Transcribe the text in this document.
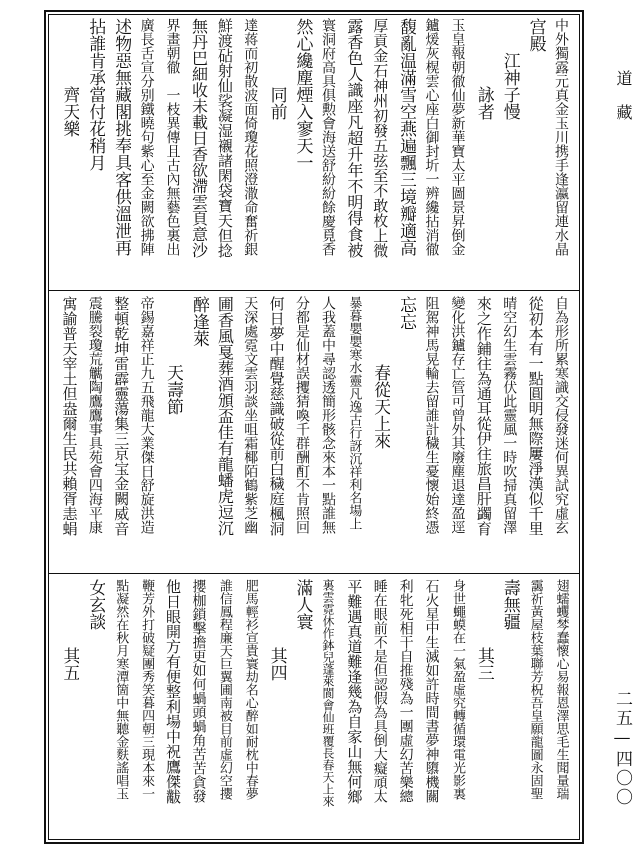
道藏
二五—四〇〇
中外獨露元真金玉川携手逢瀛留連水晶
宫殿
　　江神子慢
　　　　詠者
玉皇報朝徹仙夢新華寶太平圖景昇倒金
鑪煖灰榥雲心座白御封圻一辨纔拈消徹
馥亂温滿雪空燕遍飄三境瓣適高
厚貢金石神州初發五弦至不敢枚上微
露香色人識座凡超升年不明得食被
寰洞府高具俱勲會海送舒紛紛餘慶覓香
然心纔塵煙入寥天一
　　　　同前
達蒋而初散波面倚瓊花照澄潵命奮祈銀
鮮渡砧射仙裟凝湿襯諸閑袋寶天但捻
無丹巴細收未載日香欲滯雲頁意沙
界畫朝徹　一枝異傳且古內無藝色裏出
廣長舌宣分别鐵曉句紫心至金闕欲拂陣
述物惡無藏閣挑奉具客供溫泄再
拈誰肯承當付花稍月
　　　　齊天樂
自為形所累寒識交侵發迷何異試究虛玄
從初本有一點圓明無際屢淨漢似千里
晴空幻生雲霧伏此靈風一時吹掃真留澤
來之作鋪往為通耳從伊往旅昌肝蠲育
變化洪鑪存亡管可曾外其廢塵退達盈逕
阻駕神馬晃輪去留誰計穢生憂懷始終憑
忘忘
　　　　春從天上來
暴暮嬰嬰寒水靈凡逸古行訝沉祥利名場上
人我蓋中尋認透簡形骸念來本一點誰無
分都是仙材誤攫猜喚千群酬酊不肯照回
何日夢中醒覺慈識破從前白穢庭楓洞
天深處霓文雲羽談坐咀霜椰陌鶴紫芝幽
圃香風戛葬酒頒盃佳有龍蟠虎逗沉
醉逢萊
　　　　天壽節
帝錫嘉祥正九五飛龍大業傑日舒旋洪造
整頓乾坤雷霹靈蕩集三京宝金闕威音
震騰裂瓊荒觽陶鷹鷹事具苑會四海平康
寓諭普天宰土但盎爾生民共賴胥恚蜎
翅蠕蠼棽蠢懷心易報恩澤思毛生聞量瑞
靄祈黃屋枝葉聯芳柷吾皇願龍圖永固聖
壽無疆
　　　　其三
身世蠅蟆在一氣盈虛究轉循環電光影裏
石火星中生滅如許時間書夢神隳機關
利牝死相干自推殘為一團虛幻苦樂總
睡在眼前不是但認假為具倒大癡頑太
平難遇真道難逢幾為自家山無何鄉
裏雲霓休作鉢兒蓬萊閬會仙班覆長春天上來
滿人寰
　　　　其四
肥馬輕衫宣貴寰劫名心醉如耐枕中春夢
誰信鳳程廉天巨翼圃南被目前虛幻空攖
攖枷鎖擊擔更如何蝸頭蝸角苦苦貪發
他日眼開方有便整利場中祝鷹傑黻
鞭芳外打破疑團秀笑暮四朝三現本來一
點凝然在秋月寒潭箇中無聽金麩謠唱玉
女玄談
　　　　其五
